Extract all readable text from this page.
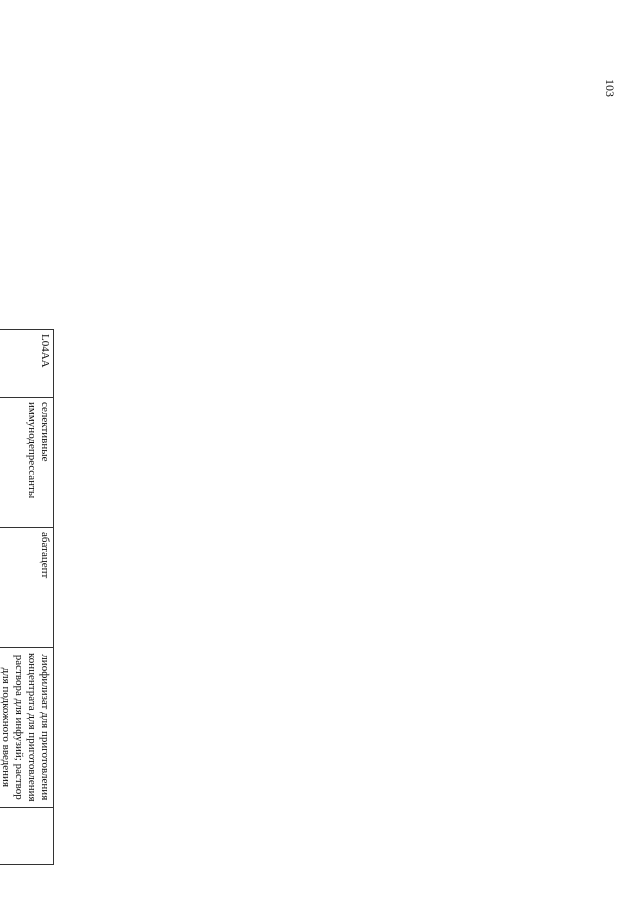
103
L04AA
селективные иммунодепрессанты
абатацепт
лиофилизат для приготовления концентрата для приготовления раствора для инфузий; раствор для подкожного введения
